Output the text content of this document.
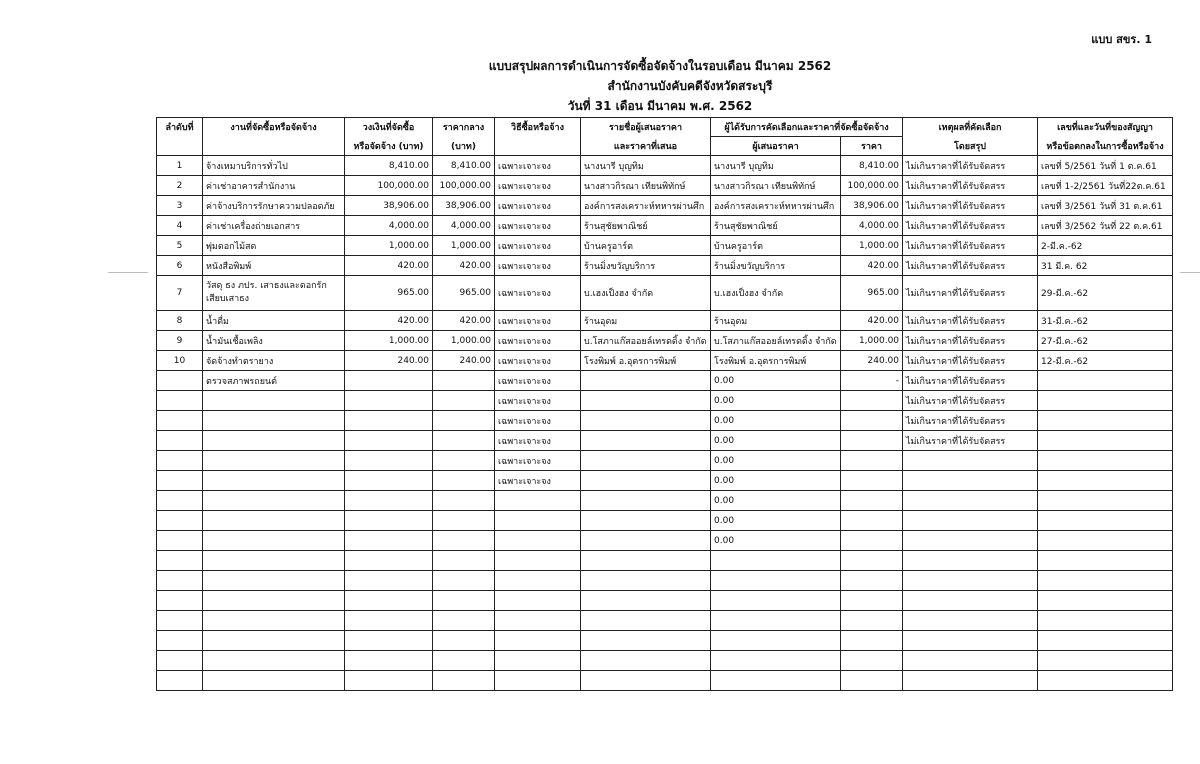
แบบ สขร. 1
แบบสรุปผลการดำเนินการจัดซื้อจัดจ้างในรอบเดือน มีนาคม 2562
สำนักงานบังคับคดีจังหวัดสระบุรี
วันที่ 31 เดือน มีนาคม พ.ศ. 2562
ลำดับที่	งานที่จัดซื้อหรือจัดจ้าง	วงเงินที่จัดซื้อ	ราคากลาง	วิธีซื้อหรือจ้าง	รายชื่อผู้เสนอราคา	ผู้ได้รับการคัดเลือกและราคาที่จัดซื้อจัดจ้าง		เหตุผลที่คัดเลือก	เลขที่และวันที่ของสัญญา
		หรือจัดจ้าง (บาท)	(บาท)		และราคาที่เสนอ	ผู้เสนอราคา	ราคา	โดยสรุป	หรือข้อตกลงในการซื้อหรือจ้าง
1	จ้างเหมาบริการทั่วไป	8,410.00	8,410.00	เฉพาะเจาะจง	นางนารี บุญทิม	นางนารี บุญทิม	8,410.00	ไม่เกินราคาที่ได้รับจัดสรร	เลขที่ 5/2561 วันที่ 1 ต.ค.61
2	ค่าเช่าอาคารสำนักงาน	100,000.00	100,000.00	เฉพาะเจาะจง	นางสาวกิรณา เทียนพิทักษ์	นางสาวกิรณา เทียนพิทักษ์	100,000.00	ไม่เกินราคาที่ได้รับจัดสรร	เลขที่ 1-2/2561 วันที่22ต.ค.61
3	ค่าจ้างบริการรักษาความปลอดภัย	38,906.00	38,906.00	เฉพาะเจาะจง	องค์การสงเคราะห์ทหารผ่านศึก	องค์การสงเคราะห์ทหารผ่านศึก	38,906.00	ไม่เกินราคาที่ได้รับจัดสรร	เลขที่ 3/2561 วันที่ 31 ต.ค.61
4	ค่าเช่าเครื่องถ่ายเอกสาร	4,000.00	4,000.00	เฉพาะเจาะจง	ร้านสุชัยพาณิชย์	ร้านสุชัยพาณิชย์	4,000.00	ไม่เกินราคาที่ได้รับจัดสรร	เลขที่ 3/2562 วันที่ 22 ต.ค.61
5	พุ่มดอกไม้สด	1,000.00	1,000.00	เฉพาะเจาะจง	บ้านครูอาร์ต	บ้านครูอาร์ต	1,000.00	ไม่เกินราคาที่ได้รับจัดสรร	2-มี.ค.-62
6	หนังสือพิมพ์	420.00	420.00	เฉพาะเจาะจง	ร้านมิ่งขวัญบริการ	ร้านมิ่งขวัญบริการ	420.00	ไม่เกินราคาที่ได้รับจัดสรร	31 มี.ค. 62
7	วัสดุ ธง ภปร. เสาธงและดอกรักเสียบเสาธง	965.00	965.00	เฉพาะเจาะจง	บ.เฮงเป็งฮง จำกัด	บ.เฮงเป็งฮง จำกัด	965.00	ไม่เกินราคาที่ได้รับจัดสรร	29-มี.ค.-62
8	น้ำดื่ม	420.00	420.00	เฉพาะเจาะจง	ร้านอุดม	ร้านอุดม	420.00	ไม่เกินราคาที่ได้รับจัดสรร	31-มี.ค.-62
9	น้ำมันเชื้อเพลิง	1,000.00	1,000.00	เฉพาะเจาะจง	บ.โสภาแก๊สออยล์เทรดดิ้ง จำกัด	บ.โสภาแก๊สออยล์เทรดดิ้ง จำกัด	1,000.00	ไม่เกินราคาที่ได้รับจัดสรร	27-มี.ค.-62
10	จัดจ้างทำตรายาง	240.00	240.00	เฉพาะเจาะจง	โรงพิมพ์ อ.อุตรการพิมพ์	โรงพิมพ์ อ.อุตรการพิมพ์	240.00	ไม่เกินราคาที่ได้รับจัดสรร	12-มี.ค.-62
	ตรวจสภาพรถยนต์			เฉพาะเจาะจง		0.00	-	ไม่เกินราคาที่ได้รับจัดสรร	
				เฉพาะเจาะจง		0.00		ไม่เกินราคาที่ได้รับจัดสรร	
				เฉพาะเจาะจง		0.00		ไม่เกินราคาที่ได้รับจัดสรร	
				เฉพาะเจาะจง		0.00		ไม่เกินราคาที่ได้รับจัดสรร	
				เฉพาะเจาะจง		0.00			
				เฉพาะเจาะจง		0.00			
						0.00			
						0.00			
						0.00			
